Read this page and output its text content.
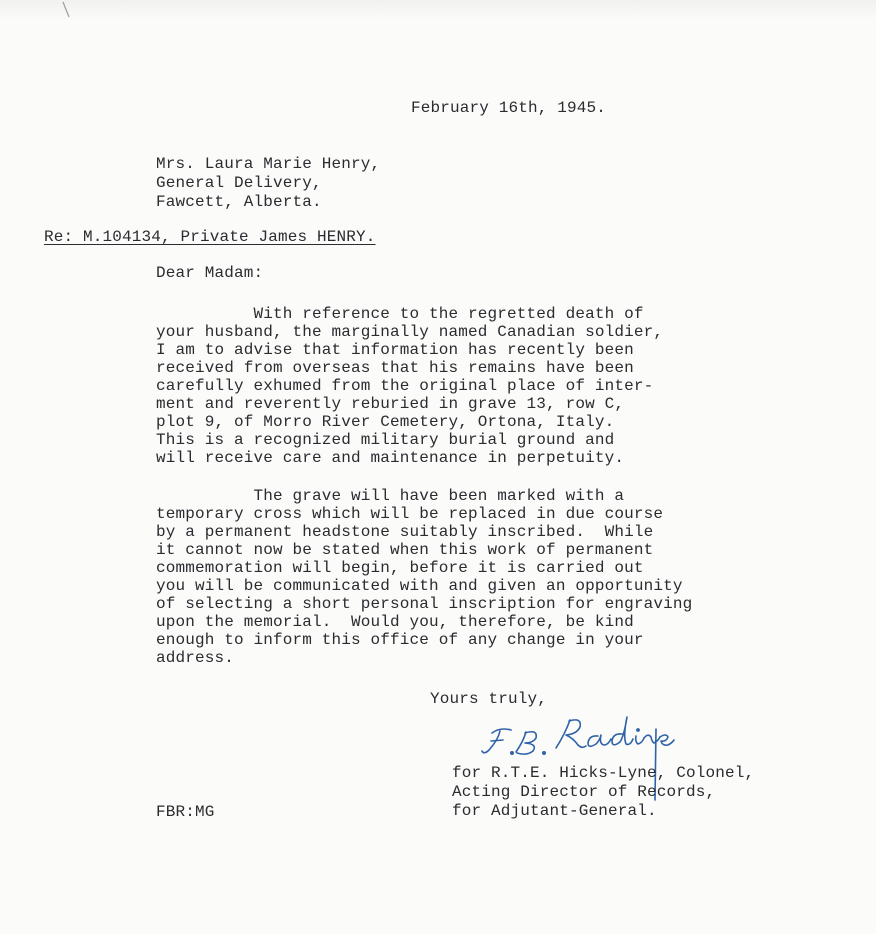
February 16th, 1945.
Mrs. Laura Marie Henry,
General Delivery,
Fawcett, Alberta.
Re: M.104134, Private James HENRY.
Dear Madam:
With reference to the regretted death of
your husband, the marginally named Canadian soldier,
I am to advise that information has recently been
received from overseas that his remains have been
carefully exhumed from the original place of inter-
ment and reverently reburied in grave 13, row C,
plot 9, of Morro River Cemetery, Ortona, Italy.
This is a recognized military burial ground and
will receive care and maintenance in perpetuity.
The grave will have been marked with a
temporary cross which will be replaced in due course
by a permanent headstone suitably inscribed.  While
it cannot now be stated when this work of permanent
commemoration will begin, before it is carried out
you will be communicated with and given an opportunity
of selecting a short personal inscription for engraving
upon the memorial.  Would you, therefore, be kind
enough to inform this office of any change in your
address.
Yours truly,
for R.T.E. Hicks-Lyne, Colonel,
Acting Director of Records,
for Adjutant-General.
FBR:MG
